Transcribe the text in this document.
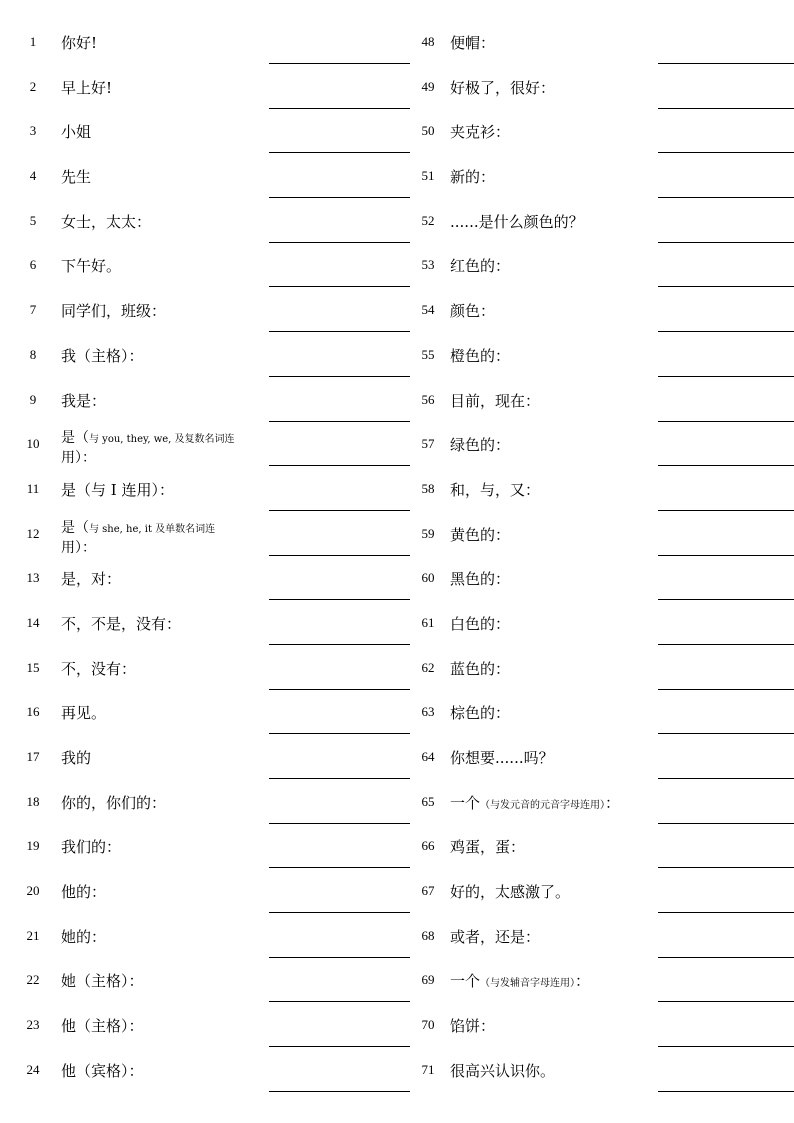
1	你好!
2	早上好!
3	小姐
4	先生
5	女士，太太：
6	下午好。
7	同学们，班级：
8	我（主格）：
9	我是：
10	是（与 you, they, we, 及复数名词连
用）：
11	是（与 I 连用）：
12	是（与 she, he, it 及单数名词连
用）：
13	是，对：
14	不，不是，没有：
15	不，没有：
16	再见。
17	我的
18	你的，你们的：
19	我们的：
20	他的：
21	她的：
22	她（主格）：
23	他（主格）：
24	他（宾格）：
48	便帽：
49	好极了，很好：
50	夹克衫：
51	新的：
52	......是什么颜色的？
53	红色的：
54	颜色：
55	橙色的：
56	目前，现在：
57	绿色的：
58	和，与，又：
59	黄色的：
60	黑色的：
61	白色的：
62	蓝色的：
63	棕色的：
64	你想要......吗？
65	一个（与发元音的元音字母连用）：
66	鸡蛋，蛋：
67	好的，太感激了。
68	或者，还是：
69	一个（与发辅音字母连用）：
70	馅饼：
71	很高兴认识你。
